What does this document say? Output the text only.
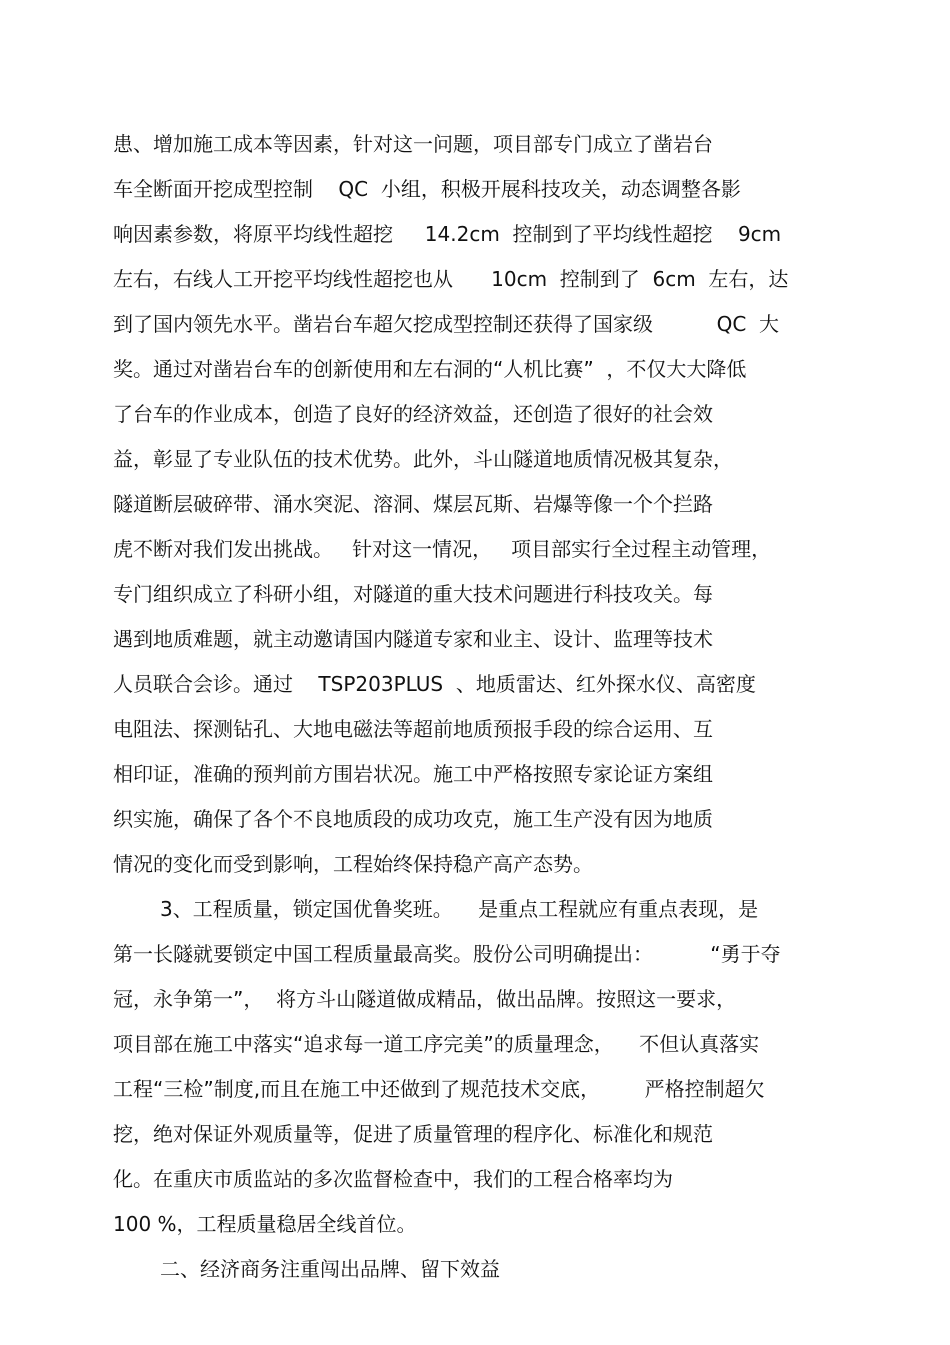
患、增加施工成本等因素，针对这一问题，项目部专门成立了凿岩台
车全断面开挖成型控制    QC  小组，积极开展科技攻关，动态调整各影
响因素参数，将原平均线性超挖     14.2cm  控制到了平均线性超挖    9cm
左右，右线人工开挖平均线性超挖也从      10cm  控制到了  6cm  左右，达
到了国内领先水平。凿岩台车超欠挖成型控制还获得了国家级          QC  大
奖。通过对凿岩台车的创新使用和左右洞的“人机比赛”  ，不仅大大降低
了台车的作业成本，创造了良好的经济效益，还创造了很好的社会效
益，彰显了专业队伍的技术优势。此外，斗山隧道地质情况极其复杂，
隧道断层破碎带、涌水突泥、溶洞、煤层瓦斯、岩爆等像一个个拦路
虎不断对我们发出挑战。   针对这一情况，   项目部实行全过程主动管理，
专门组织成立了科研小组，对隧道的重大技术问题进行科技攻关。每
遇到地质难题，就主动邀请国内隧道专家和业主、设计、监理等技术
人员联合会诊。通过    TSP203PLUS  、地质雷达、红外探水仪、高密度
电阻法、探测钻孔、大地电磁法等超前地质预报手段的综合运用、互
相印证，准确的预判前方围岩状况。施工中严格按照专家论证方案组
织实施，确保了各个不良地质段的成功攻克，施工生产没有因为地质
情况的变化而受到影响，工程始终保持稳产高产态势。
3、工程质量，锁定国优鲁奖班。    是重点工程就应有重点表现，是
第一长隧就要锁定中国工程质量最高奖。股份公司明确提出：         “勇于夺
冠，永争第一”，  将方斗山隧道做成精品，做出品牌。按照这一要求，
项目部在施工中落实“追求每一道工序完美”的质量理念，    不但认真落实
工程“三检”制度,而且在施工中还做到了规范技术交底，       严格控制超欠
挖，绝对保证外观质量等，促进了质量管理的程序化、标准化和规范
化。在重庆市质监站的多次监督检查中，我们的工程合格率均为
100 %，工程质量稳居全线首位。
二、经济商务注重闯出品牌、留下效益
